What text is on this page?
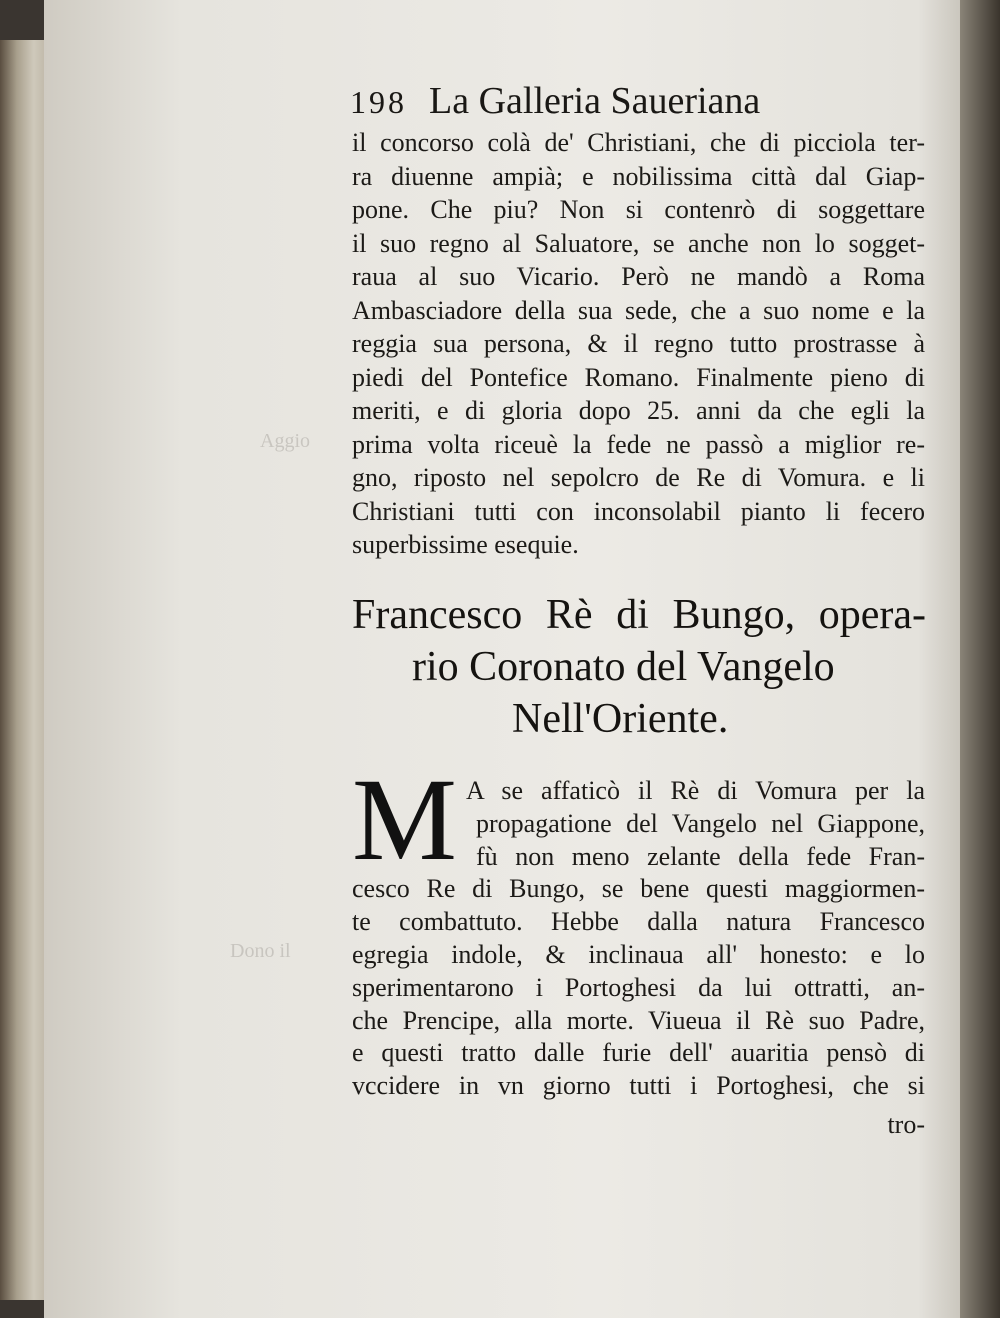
Dono il
Aggio
198 La Galleria Saueriana
il concorso colà de' Christiani, che di picciola ter-
ra diuenne ampià; e nobilissima città dal Giap-
pone. Che piu? Non si contenrò di soggettare
il suo regno al Saluatore, se anche non lo sogget-
raua al suo Vicario. Però ne mandò a Roma
Ambasciadore della sua sede, che a suo nome e la
reggia sua persona, & il regno tutto prostrasse à
piedi del Pontefice Romano. Finalmente pieno di
meriti, e di gloria dopo 25. anni da che egli la
prima volta riceuè la fede ne passò a miglior re-
gno, riposto nel sepolcro de Re di Vomura. e li
Christiani tutti con inconsolabil pianto li fecero
superbissime esequie.
Francesco Rè di Bungo, opera-
rio Coronato del Vangelo
Nell'Oriente.
M A se affaticò il Rè di Vomura per la
propagatione del Vangelo nel Giappone,
fù non meno zelante della fede Fran-
cesco Re di Bungo, se bene questi maggiormen-
te combattuto. Hebbe dalla natura Francesco
egregia indole, & inclinaua all' honesto: e lo
sperimentarono i Portoghesi da lui ottratti, an-
che Prencipe, alla morte. Viueua il Rè suo Padre,
e questi tratto dalle furie dell' auaritia pensò di
vccidere in vn giorno tutti i Portoghesi, che si
tro-
